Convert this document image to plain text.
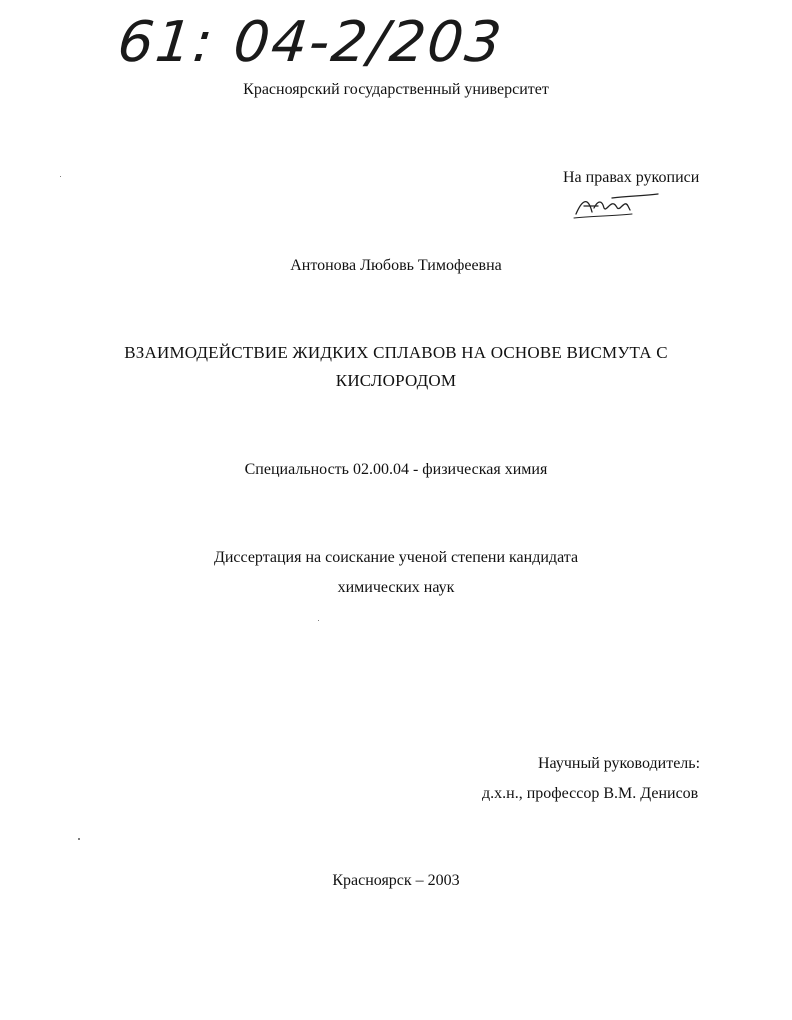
61: 04-2/203
Красноярский государственный университет
На правах рукописи
Антонова Любовь Тимофеевна
ВЗАИМОДЕЙСТВИЕ ЖИДКИХ СПЛАВОВ НА ОСНОВЕ ВИСМУТА С
КИСЛОРОДОМ
Специальность 02.00.04 - физическая химия
Диссертация на соискание ученой степени кандидата
химических наук
Научный руководитель:
д.х.н., профессор В.М. Денисов
Красноярск – 2003
